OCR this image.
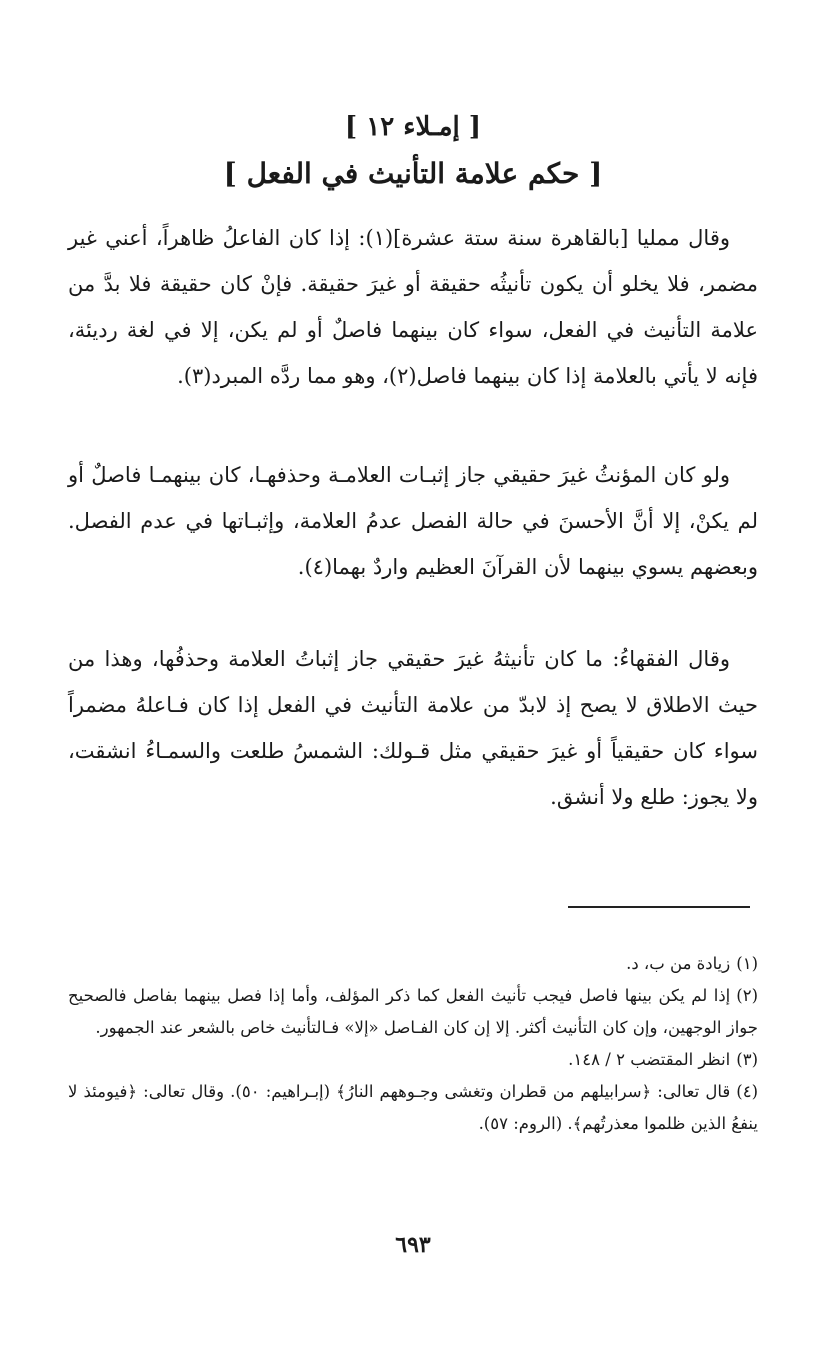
[ إمـلاء ١٢ ]
[ حكم علامة التأنيث في الفعل ]

وقال ممليا [بالقاهرة سنة ستة عشرة](١): إذا كان الفاعلُ ظاهراً، أعني غير مضمر، فلا يخلو أن يكون تأنيثُه حقيقة أو غيرَ حقيقة. فإنْ كان حقيقة فلا بدَّ من علامة التأنيث في الفعل، سواء كان بينهما فاصلٌ أو لم يكن، إلا في لغة رديئة، فإنه لا يأتي بالعلامة إذا كان بينهما فاصل(٢)، وهو مما ردَّه المبرد(٣).

ولو كان المؤنثُ غيرَ حقيقي جاز إثبـات العلامـة وحذفهـا، كان بينهمـا فاصلٌ أو لم يكنْ، إلا أنَّ الأحسنَ في حالة الفصل عدمُ العلامة، وإثبـاتها في عدم الفصل. وبعضهم يسوي بينهما لأن القرآنَ العظيم واردٌ بهما(٤).

وقال الفقهاءُ: ما كان تأنيثهُ غيرَ حقيقي جاز إثباتُ العلامة وحذفُها، وهذا من حيث الاطلاق لا يصح إذ لابدّ من علامة التأنيث في الفعل إذا كان فـاعلهُ مضمراً سواء كان حقيقياً أو غيرَ حقيقي مثل قـولك: الشمسُ طلعت والسمـاءُ انشقت، ولا يجوز: طلع ولا أنشق.

(١)زيادة من ب، د.

(٢)إذا لم يكن بينها فاصل فيجب تأنيث الفعل كما ذكر المؤلف، وأما إذا فصل بينهما بفاصل فالصحيح جواز الوجهين، وإن كان التأنيث أكثر. إلا إن كان الفـاصل «إلا» فـالتأنيث خاص بالشعر عند الجمهور.

(٣)انظر المقتضب ٢ / ١٤٨.

(٤)قال تعالى: ﴿سرابيلهم من قطران وتغشى وجـوههم النارُ﴾ (إبـراهيم: ٥٠). وقال تعالى: ﴿فيومئذ لا ينفعُ الذين ظلموا معذرتُهم﴾. (الروم: ٥٧).

٦٩٣
